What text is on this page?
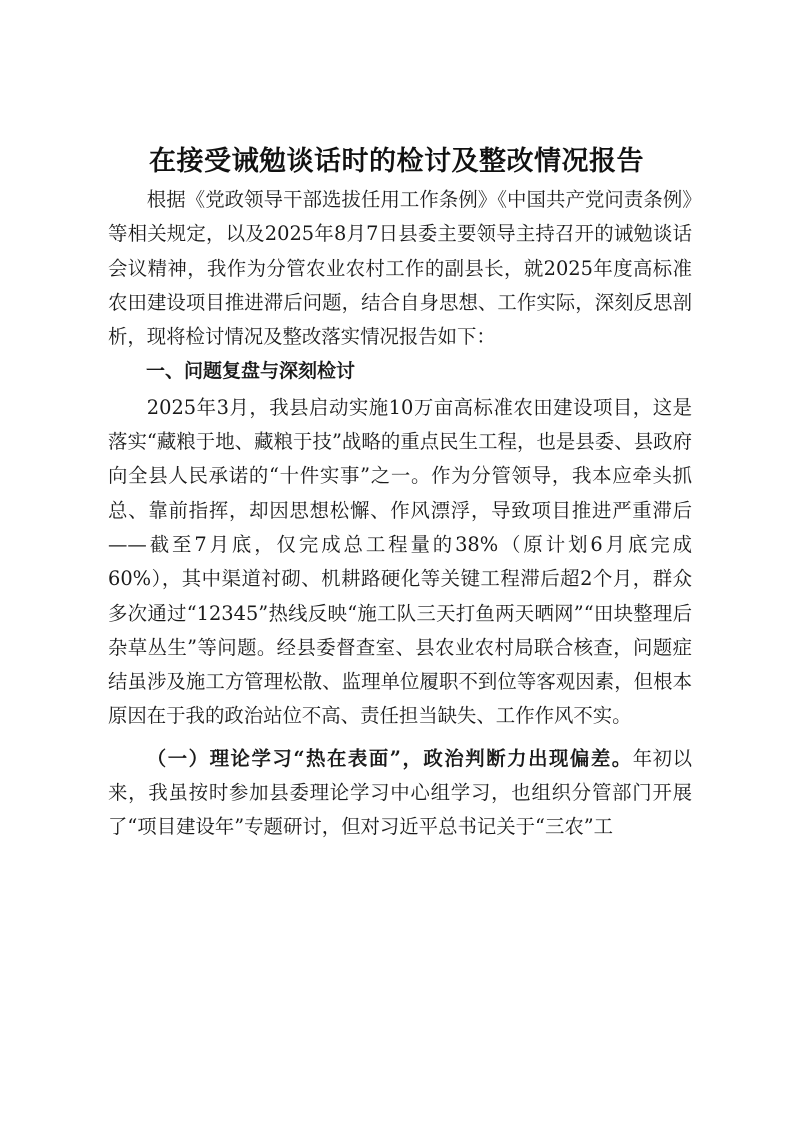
在接受诫勉谈话时的检讨及整改情况报告

根据《党政领导干部选拔任用工作条例》《中国共产党问责条例》等相关规定，以及2025年8月7日县委主要领导主持召开的诫勉谈话会议精神，我作为分管农业农村工作的副县长，就2025年度高标准农田建设项目推进滞后问题，结合自身思想、工作实际，深刻反思剖析，现将检讨情况及整改落实情况报告如下：

一、问题复盘与深刻检讨

2025年3月，我县启动实施10万亩高标准农田建设项目，这是落实“藏粮于地、藏粮于技”战略的重点民生工程，也是县委、县政府向全县人民承诺的“十件实事”之一。作为分管领导，我本应牵头抓总、靠前指挥，却因思想松懈、作风漂浮，导致项目推进严重滞后——截至7月底，仅完成总工程量的38%（原计划6月底完成60%），其中渠道衬砌、机耕路硬化等关键工程滞后超2个月，群众多次通过“12345”热线反映“施工队三天打鱼两天晒网”“田块整理后杂草丛生”等问题。经县委督查室、县农业农村局联合核查，问题症结虽涉及施工方管理松散、监理单位履职不到位等客观因素，但根本原因在于我的政治站位不高、责任担当缺失、工作作风不实。

（一）理论学习“热在表面”，政治判断力出现偏差。年初以来，我虽按时参加县委理论学习中心组学习，也组织分管部门开展了“项目建设年”专题研讨，但对习近平总书记关于“三农”工
